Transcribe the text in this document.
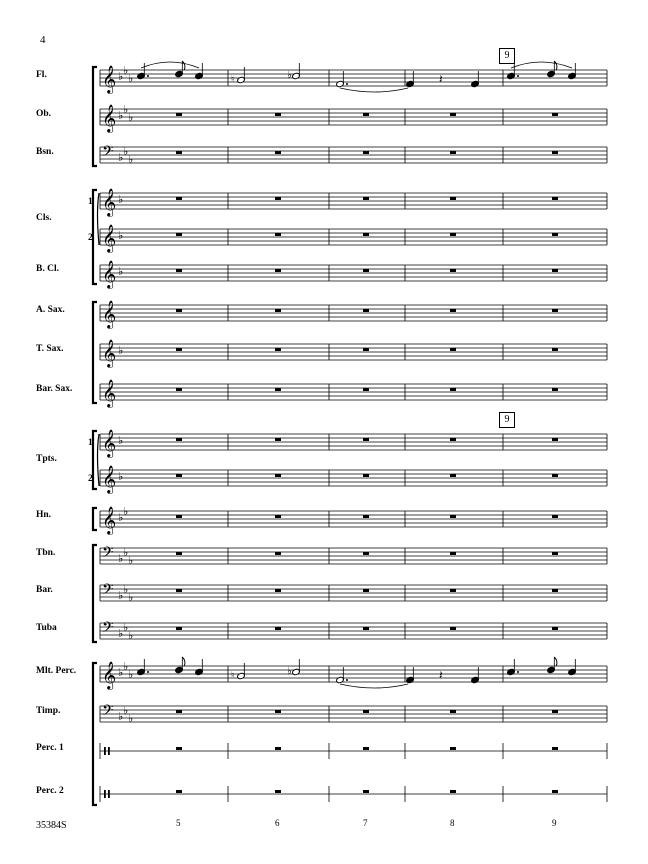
4
35384S
9
9
𝄞 ♭ ♭
♭
Fl.
𝄞 ♭ ♭
♭
Ob.
𝄢 ♭ ♭
♭
Bsn.
𝄞 ♭
1
𝄞 ♭
2
𝄞 ♭
B. Cl.
𝄞
A. Sax.
𝄞 ♭
T. Sax.
𝄞
Bar. Sax.
𝄞 ♭
1
𝄞 ♭
2
𝄞 ♭ ♭
Hn.
𝄢 ♭ ♭
♭
Tbn.
𝄢 ♭ ♭
♭
Bar.
𝄢 ♭ ♭
♭
Tuba
𝄞 ♭ ♭
♭
Mlt. Perc.
𝄢 ♭ ♭
♭
Timp.
Perc. 1
Perc. 2
Cls.
Tpts.
♮	♭	𝄽
♮	♭	𝄽
5	6	7	8	9
